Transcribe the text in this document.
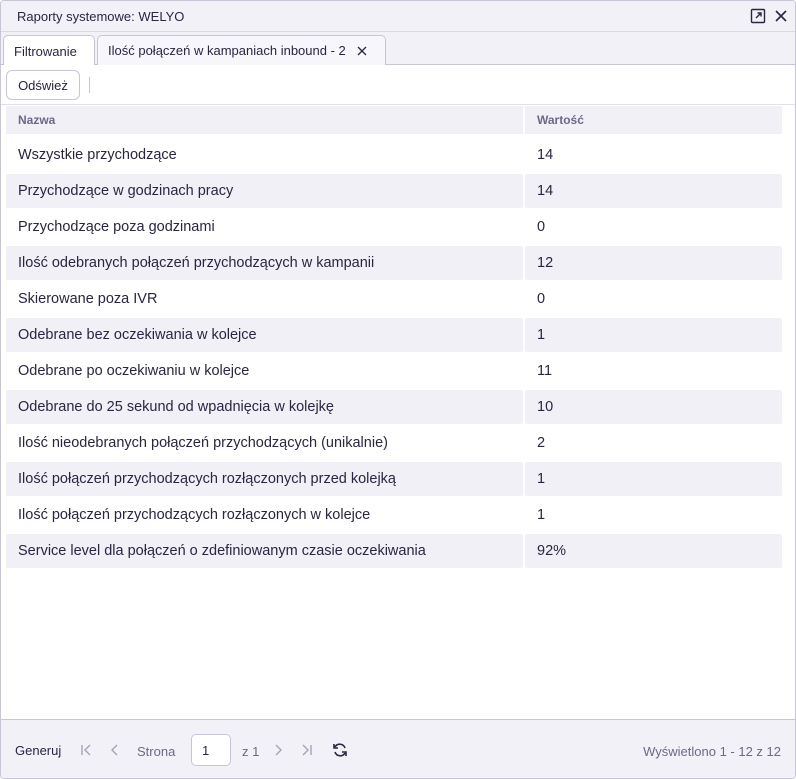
Raporty systemowe: WELYO
Filtrowanie Ilość połączeń w kampaniach inbound - 2
Odśwież
Nazwa	Wartość
Wszystkie przychodzące	14
Przychodzące w godzinach pracy	14
Przychodzące poza godzinami	0
Ilość odebranych połączeń przychodzących w kampanii	12
Skierowane poza IVR	0
Odebrane bez oczekiwania w kolejce	1
Odebrane po oczekiwaniu w kolejce	11
Odebrane do 25 sekund od wpadnięcia w kolejkę	10
Ilość nieodebranych połączeń przychodzących (unikalnie)	2
Ilość połączeń przychodzących rozłączonych przed kolejką	1
Ilość połączeń przychodzących rozłączonych w kolejce	1
Service level dla połączeń o zdefiniowanym czasie oczekiwania	92%
Generuj	Strona
1	z 1	Wyświetlono 1 - 12 z 12
